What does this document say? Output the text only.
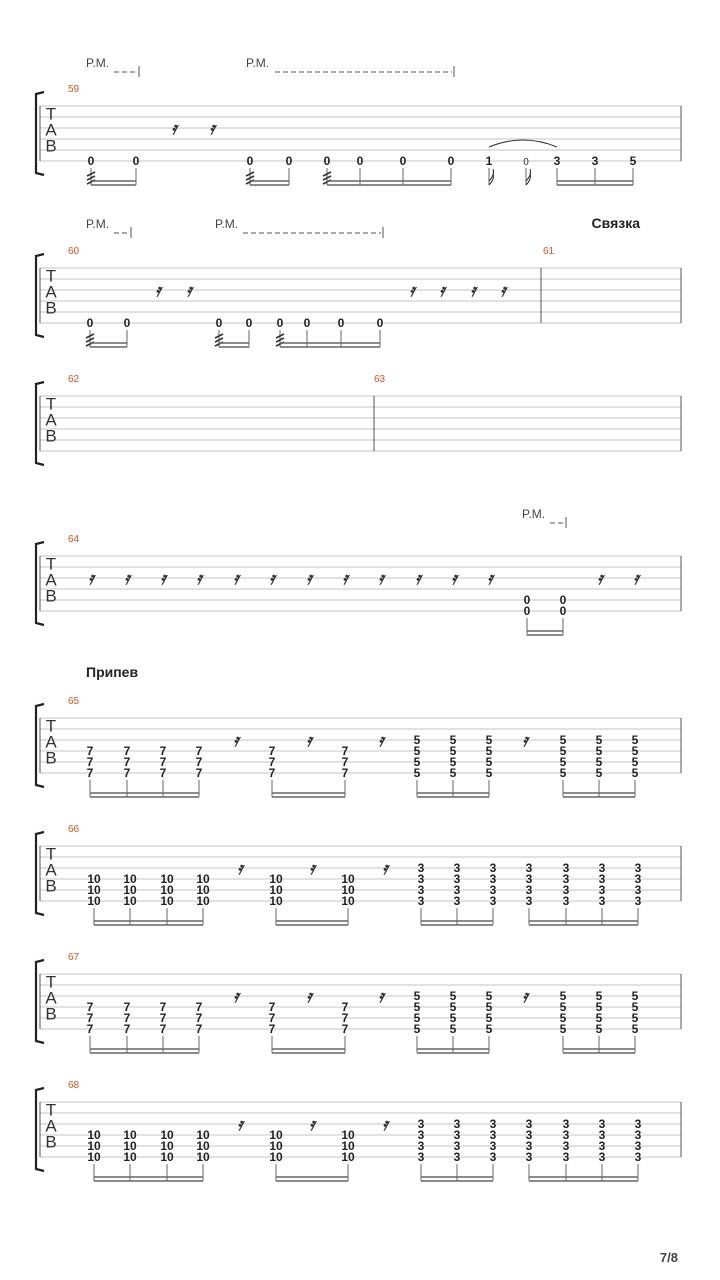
T
A
B
59
P.M.	P.M.
0	0
𝄿 𝄿
0	0	0 0	0	0	1	0 3	3	5
T
A
B
60	61
P.M.	P.M.	Связка
0	0
𝄿 𝄿
0 0 0 0 0	0
𝄿 𝄿 𝄿 𝄿
T
A
B
62	63
T
A
B
64
P.M.
𝄿 𝄿 𝄿 𝄿 𝄿 𝄿 𝄿 𝄿 𝄿 𝄿 𝄿 𝄿
0
0
0
0
𝄿 𝄿
T
A
B
65
Припев
7
7
7
7
7
7
7
7
7
7
7
7
𝄿
7
7
7
𝄿
7
7
7
𝄿	5
5
5
5
5
5
5
5
5
5
5
5
𝄿	5
5
5
5
5
5
5
5
5
5
5
5
T
A
B
66
10
10
10
10
10
10
10
10
10
10
10
10
𝄿
10
10
10
𝄿
10
10
10
𝄿	3
3
3
3
3
3
3
3
3
3
3
3
3
3
3
3
3
3
3
3
3
3
3
3
3
3
3
3
T
A
B
67
7
7
7
7
7
7
7
7
7
7
7
7
𝄿
7
7
7
𝄿
7
7
7
𝄿	5
5
5
5
5
5
5
5
5
5
5
5
𝄿	5
5
5
5
5
5
5
5
5
5
5
5
T
A
B
68
10
10
10
10
10
10
10
10
10
10
10
10
𝄿
10
10
10
𝄿
10
10
10
𝄿	3
3
3
3
3
3
3
3
3
3
3
3
3
3
3
3
3
3
3
3
3
3
3
3
3
3
3
3
7/8
